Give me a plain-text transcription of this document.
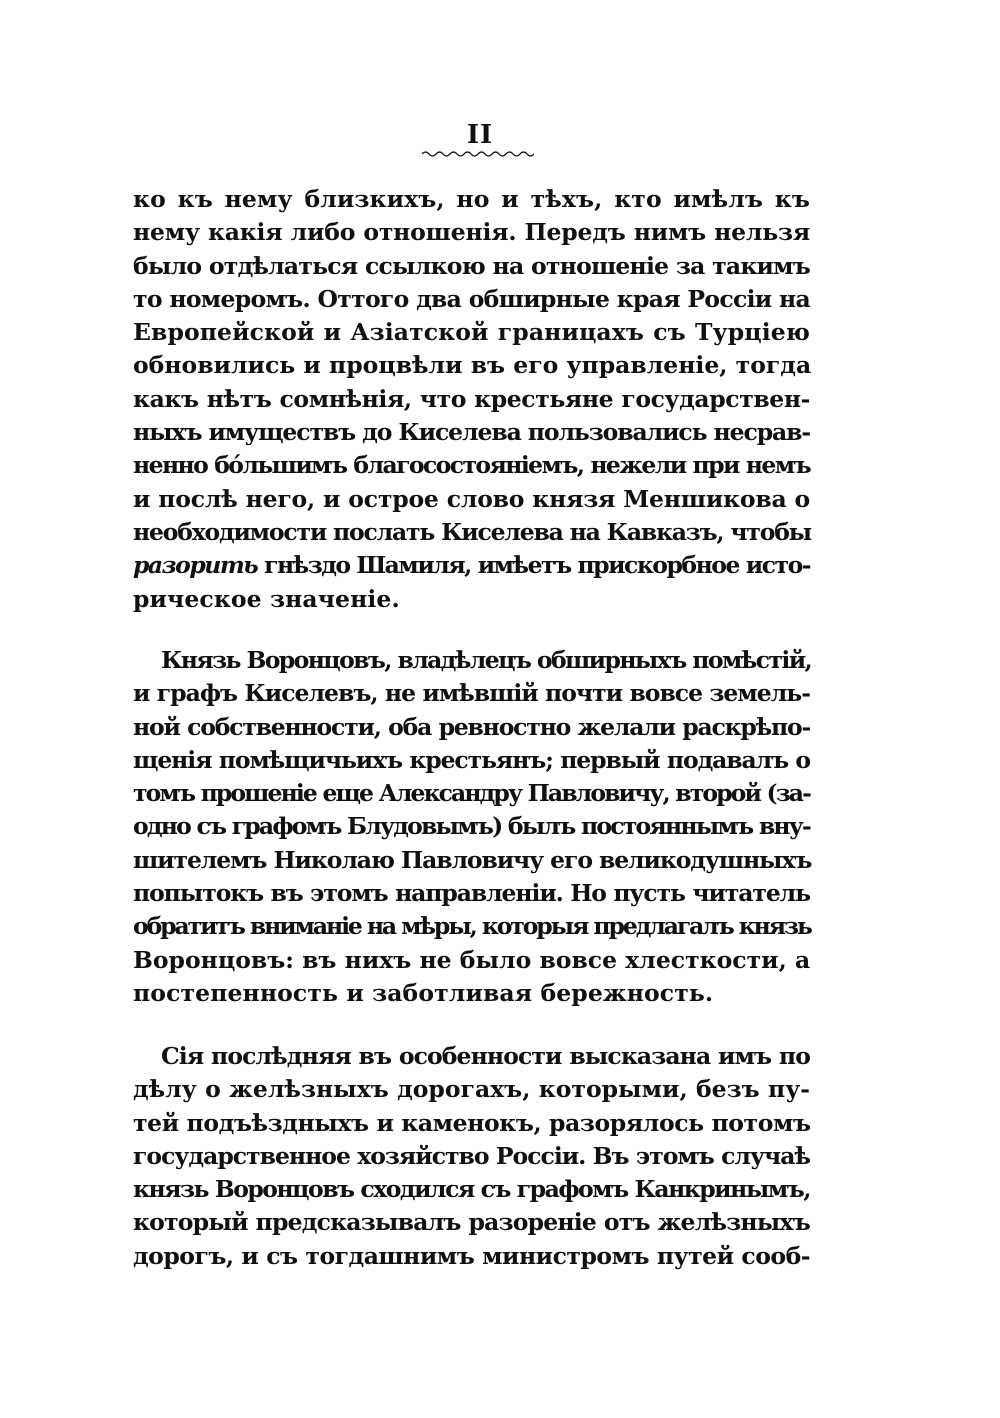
II
ко къ нему близкихъ, но и тѣхъ, кто имѣлъ къ
нему какія либо отношенія. Передъ нимъ нельзя
было отдѣлаться ссылкою на отношеніе за такимъ
то номеромъ. Оттого два обширные края Россіи на
Европейской и Азіатской границахъ съ Турціею
обновились и процвѣли въ его управленіе, тогда
какъ нѣтъ сомнѣнія, что крестьяне государствен-
ныхъ имуществъ до Киселева пользовались несрав-
ненно бóльшимъ благосостояніемъ, нежели при немъ
и послѣ него, и острое слово князя Меншикова о
необходимости послать Киселева на Кавказъ, чтобы
разорить гнѣздо Шамиля, имѣетъ прискорбное исто-
рическое значеніе.
Князь Воронцовъ, владѣлецъ обширныхъ помѣстій,
и графъ Киселевъ, не имѣвшій почти вовсе земель-
ной собственности, оба ревностно желали раскрѣпо-
щенія помѣщичьихъ крестьянъ; первый подавалъ о
томъ прошеніе еще Александру Павловичу, второй (за-
одно съ графомъ Блудовымъ) былъ постояннымъ вну-
шителемъ Николаю Павловичу его великодушныхъ
попытокъ въ этомъ направленіи. Но пусть читатель
обратитъ вниманіе на мѣры, которыя предлагалъ князь
Воронцовъ: въ нихъ не было вовсе хлесткости, а
постепенность и заботливая бережность.
Сія послѣдняя въ особенности высказана имъ по
дѣлу о желѣзныхъ дорогахъ, которыми, безъ пу-
тей подъѣздныхъ и каменокъ, разорялось потомъ
государственное хозяйство Россіи. Въ этомъ случаѣ
князь Воронцовъ сходился съ графомъ Канкринымъ,
который предсказывалъ разореніе отъ желѣзныхъ
дорогъ, и съ тогдашнимъ министромъ путей сооб-
